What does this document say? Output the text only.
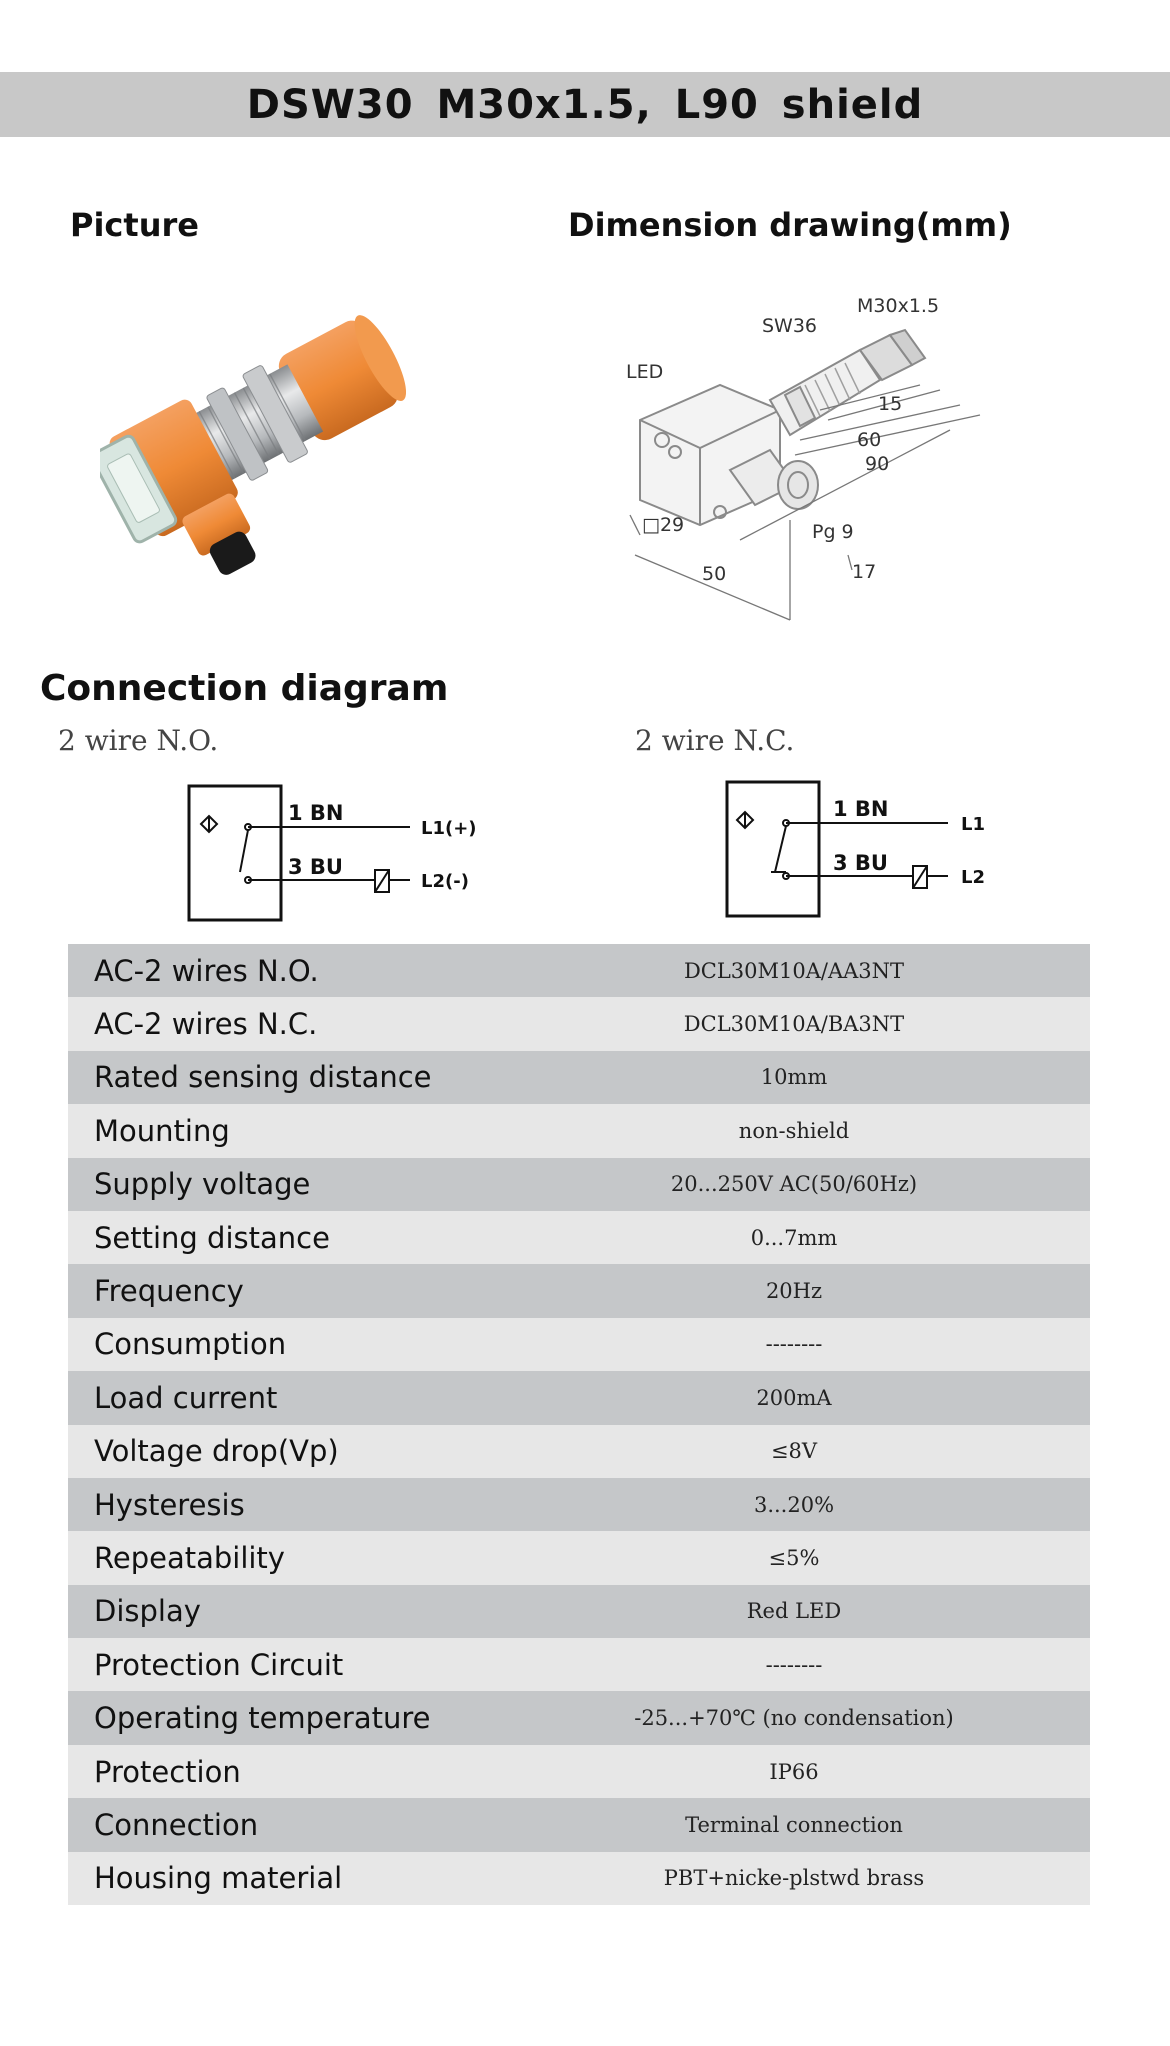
DSW30 M30x1.5, L90 shield
Picture	Dimension drawing(mm)
SW36
M30x1.5
LED
15
60
90
□29	Pg 9
50	17
Connection diagram
2 wire N.O.	2 wire N.C.
1 BN
3 BU
L1(+)
L2(-)
1 BN
3 BU
L1
L2
AC-2 wires N.O.	DCL30M10A/AA3NT
AC-2 wires N.C.	DCL30M10A/BA3NT
Rated sensing distance	10mm
Mounting	non-shield
Supply voltage	20...250V AC(50/60Hz)
Setting distance	0...7mm
Frequency	20Hz
Consumption	--------
Load current	200mA
Voltage drop(Vp)	≤8V
Hysteresis	3...20%
Repeatability	≤5%
Display	Red LED
Protection Circuit	--------
Operating temperature	-25...+70℃ (no condensation)
Protection	IP66
Connection	Terminal connection
Housing material	PBT+nicke-plstwd brass
